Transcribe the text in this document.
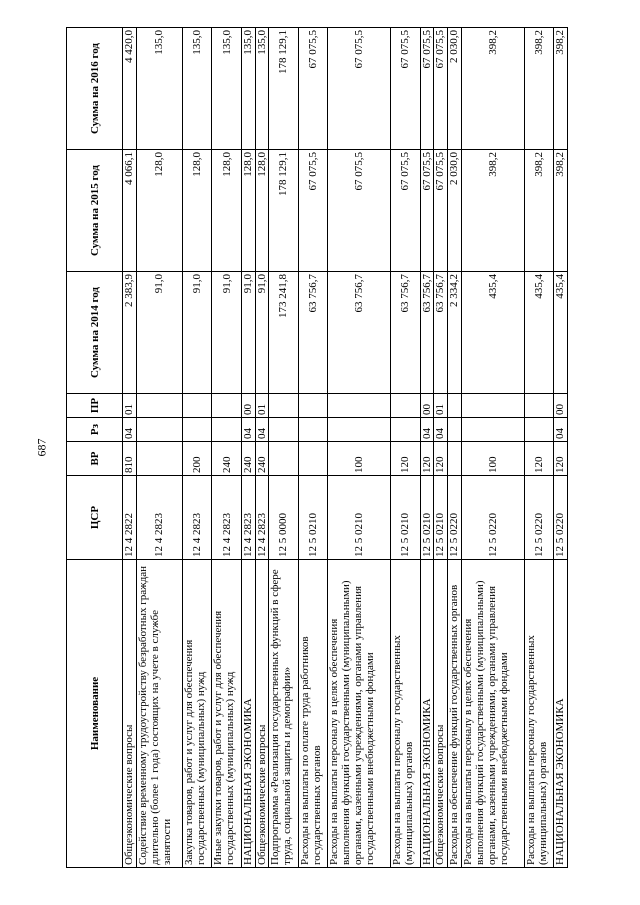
687
Наименование	ЦСР	ВР	Рз	ПР	Сумма на 2014 год	Сумма на 2015 год	Сумма на 2016 год
Общеэкономические вопросы	12 4 2822	810	04	01	2 383,9	4 066,1	4 420,0
Содействие временному трудоустройству безработных граждан длительно (более 1 года) состоящих на учете в службе занятости	12 4 2823				91,0	128,0	135,0
Закупка товаров, работ и услуг для обеспечения государственных (муниципальных) нужд	12 4 2823	200			91,0	128,0	135,0
Иные закупки товаров, работ и услуг для обеспечения государственных (муниципальных) нужд	12 4 2823	240			91,0	128,0	135,0
НАЦИОНАЛЬНАЯ ЭКОНОМИКА	12 4 2823	240	04	00	91,0	128,0	135,0
Общеэкономические вопросы	12 4 2823	240	04	01	91,0	128,0	135,0
Подпрограмма «Реализация государственных функций в сфере труда, социальной защиты и демографии»	12 5 0000				173 241,8	178 129,1	178 129,1
Расходы на выплаты по оплате труда работников государственных органов	12 5 0210				63 756,7	67 075,5	67 075,5
Расходы на выплаты персоналу в целях обеспечения выполнения функций государственными (муниципальными) органами, казенными учреждениями, органами управления государственными внебюджетными фондами	12 5 0210	100			63 756,7	67 075,5	67 075,5
Расходы на выплаты персоналу государственных (муниципальных) органов	12 5 0210	120			63 756,7	67 075,5	67 075,5
НАЦИОНАЛЬНАЯ ЭКОНОМИКА	12 5 0210	120	04	00	63 756,7	67 075,5	67 075,5
Общеэкономические вопросы	12 5 0210	120	04	01	63 756,7	67 075,5	67 075,5
Расходы на обеспечение функций государственных органов	12 5 0220				2 334,2	2 030,0	2 030,0
Расходы на выплаты персоналу в целях обеспечения выполнения функций государственными (муниципальными) органами, казенными учреждениями, органами управления государственными внебюджетными фондами	12 5 0220	100			435,4	398,2	398,2
Расходы на выплаты персоналу государственных (муниципальных) органов	12 5 0220	120			435,4	398,2	398,2
НАЦИОНАЛЬНАЯ ЭКОНОМИКА	12 5 0220	120	04	00	435,4	398,2	398,2
